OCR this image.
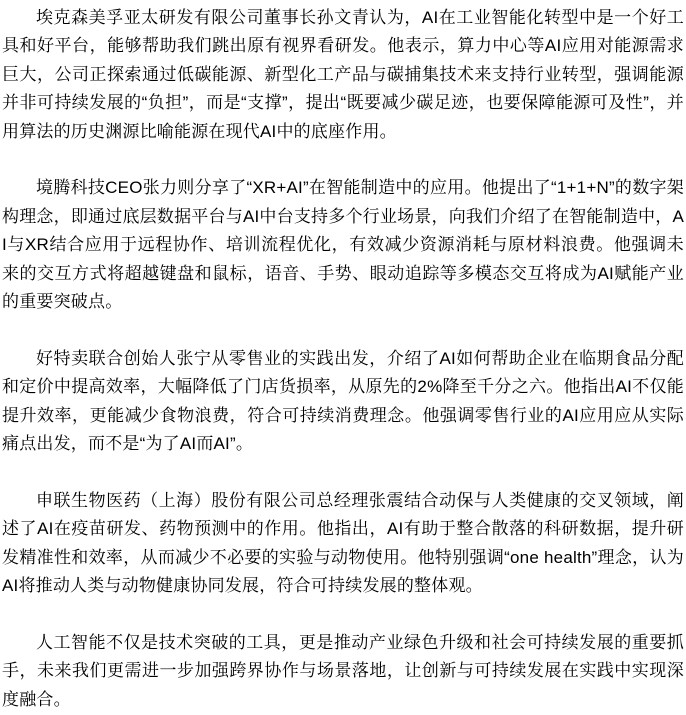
埃克森美孚亚太研发有限公司董事长孙文青认为，AI在工业智能化转型中是一个好工具和好平台，能够帮助我们跳出原有视界看研发。他表示，算力中心等AI应用对能源需求巨大，公司正探索通过低碳能源、新型化工产品与碳捕集技术来支持行业转型，强调能源并非可持续发展的“负担”，而是“支撑”，提出“既要减少碳足迹，也要保障能源可及性”，并用算法的历史渊源比喻能源在现代AI中的底座作用。

境腾科技CEO张力则分享了“XR+AI”在智能制造中的应用。他提出了“1+1+N”的数字架构理念，即通过底层数据平台与AI中台支持多个行业场景，向我们介绍了在智能制造中，AI与XR结合应用于远程协作、培训流程优化，有效减少资源消耗与原材料浪费。他强调未来的交互方式将超越键盘和鼠标，语音、手势、眼动追踪等多模态交互将成为AI赋能产业的重要突破点。

好特卖联合创始人张宁从零售业的实践出发，介绍了AI如何帮助企业在临期食品分配和定价中提高效率，大幅降低了门店货损率，从原先的2%降至千分之六。他指出AI不仅能提升效率，更能减少食物浪费，符合可持续消费理念。他强调零售行业的AI应用应从实际痛点出发，而不是“为了AI而AI”。

申联生物医药（上海）股份有限公司总经理张震结合动保与人类健康的交叉领域，阐述了AI在疫苗研发、药物预测中的作用。他指出，AI有助于整合散落的科研数据，提升研发精准性和效率，从而减少不必要的实验与动物使用。他特别强调“one health”理念，认为AI将推动人类与动物健康协同发展，符合可持续发展的整体观。

人工智能不仅是技术突破的工具，更是推动产业绿色升级和社会可持续发展的重要抓手，未来我们更需进一步加强跨界协作与场景落地，让创新与可持续发展在实践中实现深度融合。
